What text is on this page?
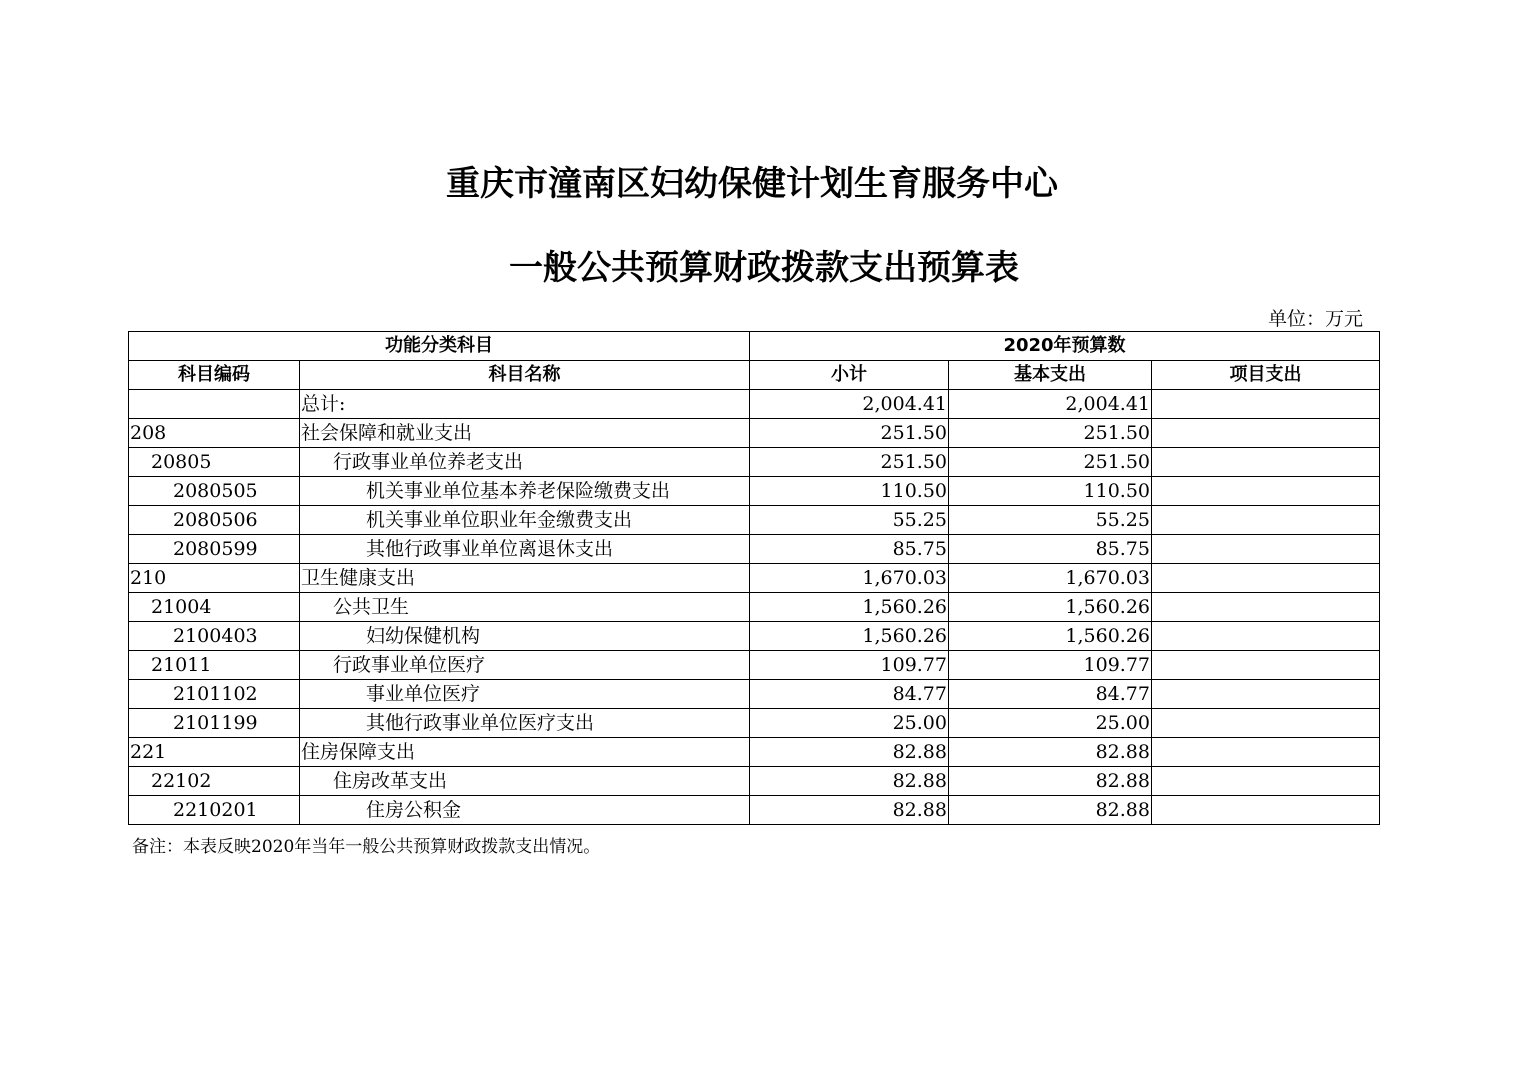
重庆市潼南区妇幼保健计划生育服务中心
一般公共预算财政拨款支出预算表
单位：万元
功能分类科目		2020年预算数		
科目编码	科目名称	小计	基本支出	项目支出
	总计:	2,004.41	2,004.41	
208	社会保障和就业支出	251.50	251.50	
20805	行政事业单位养老支出	251.50	251.50	
2080505	机关事业单位基本养老保险缴费支出	110.50	110.50	
2080506	机关事业单位职业年金缴费支出	55.25	55.25	
2080599	其他行政事业单位离退休支出	85.75	85.75	
210	卫生健康支出	1,670.03	1,670.03	
21004	公共卫生	1,560.26	1,560.26	
2100403	妇幼保健机构	1,560.26	1,560.26	
21011	行政事业单位医疗	109.77	109.77	
2101102	事业单位医疗	84.77	84.77	
2101199	其他行政事业单位医疗支出	25.00	25.00	
221	住房保障支出	82.88	82.88	
22102	住房改革支出	82.88	82.88	
2210201	住房公积金	82.88	82.88	
备注：本表反映2020年当年一般公共预算财政拨款支出情况。
